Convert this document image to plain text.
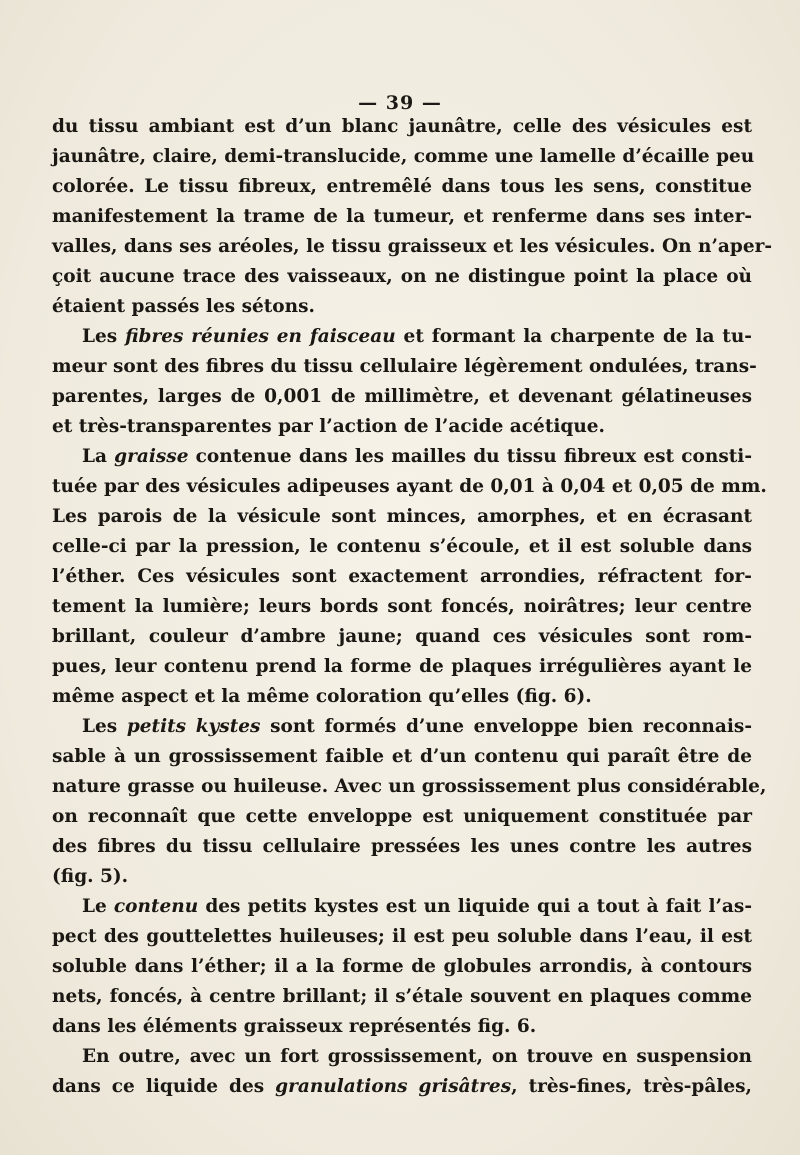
— 39 —
du tissu ambiant est d’un blanc jaunâtre, celle des vésicules est
jaunâtre, claire, demi-translucide, comme une lamelle d’écaille peu
colorée. Le tissu fibreux, entremêlé dans tous les sens, constitue
manifestement la trame de la tumeur, et renferme dans ses inter-
valles, dans ses aréoles, le tissu graisseux et les vésicules. On n’aper-
çoit aucune trace des vaisseaux, on ne distingue point la place où
étaient passés les sétons.
Les fibres réunies en faisceau et formant la charpente de la tu-
meur sont des fibres du tissu cellulaire légèrement ondulées, trans-
parentes, larges de 0,001 de millimètre, et devenant gélatineuses
et très-transparentes par l’action de l’acide acétique.
La graisse contenue dans les mailles du tissu fibreux est consti-
tuée par des vésicules adipeuses ayant de 0,01 à 0,04 et 0,05 de mm.
Les parois de la vésicule sont minces, amorphes, et en écrasant
celle-ci par la pression, le contenu s’écoule, et il est soluble dans
l’éther. Ces vésicules sont exactement arrondies, réfractent for-
tement la lumière; leurs bords sont foncés, noirâtres; leur centre
brillant, couleur d’ambre jaune; quand ces vésicules sont rom-
pues, leur contenu prend la forme de plaques irrégulières ayant le
même aspect et la même coloration qu’elles (fig. 6).
Les petits kystes sont formés d’une enveloppe bien reconnais-
sable à un grossissement faible et d’un contenu qui paraît être de
nature grasse ou huileuse. Avec un grossissement plus considérable,
on reconnaît que cette enveloppe est uniquement constituée par
des fibres du tissu cellulaire pressées les unes contre les autres
(fig. 5).
Le contenu des petits kystes est un liquide qui a tout à fait l’as-
pect des gouttelettes huileuses; il est peu soluble dans l’eau, il est
soluble dans l’éther; il a la forme de globules arrondis, à contours
nets, foncés, à centre brillant; il s’étale souvent en plaques comme
dans les éléments graisseux représentés fig. 6.
En outre, avec un fort grossissement, on trouve en suspension
dans ce liquide des granulations grisâtres, très-fines, très-pâles,
